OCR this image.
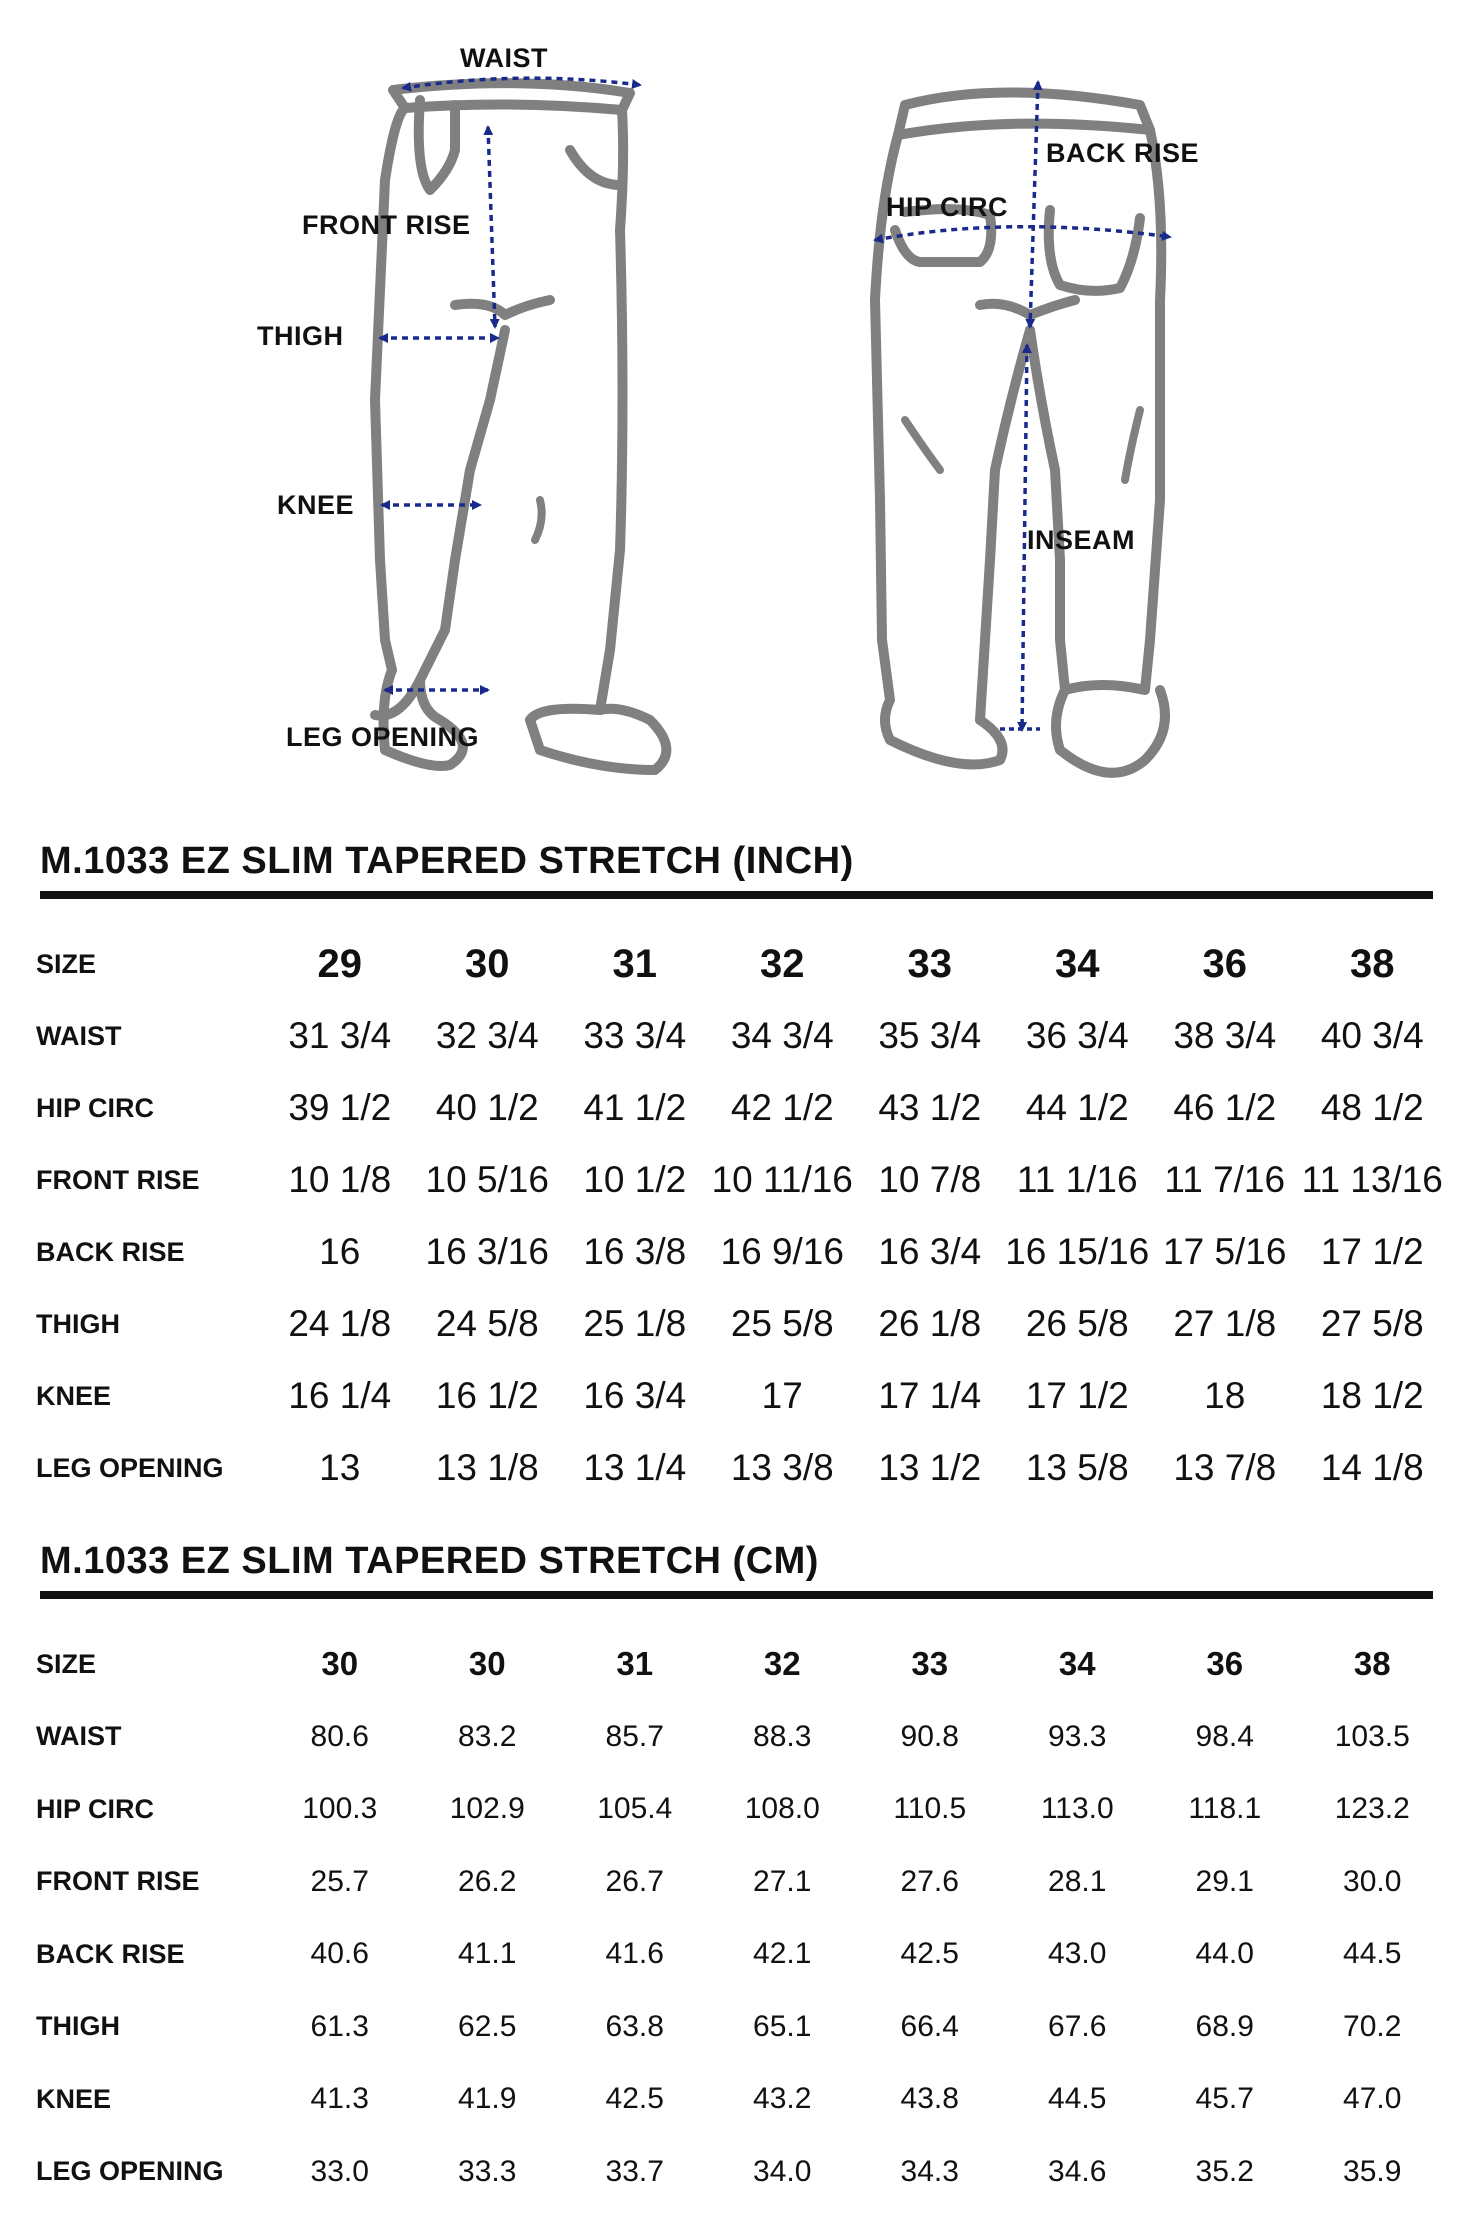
WAIST
FRONT RISE
THIGH
KNEE
LEG OPENING
BACK RISE
HIP CIRC
INSEAM
M.1033 EZ SLIM TAPERED STRETCH (INCH)
SIZE	29	30	31	32	33	34	36	38
WAIST	31 3/4	32 3/4	33 3/4	34 3/4	35 3/4	36 3/4	38 3/4	40 3/4
HIP CIRC	39 1/2	40 1/2	41 1/2	42 1/2	43 1/2	44 1/2	46 1/2	48 1/2
FRONT RISE	10 1/8	10 5/16	10 1/2	10 11/16	10 7/8	11 1/16	11 7/16	11 13/16
BACK RISE	16	16 3/16	16 3/8	16 9/16	16 3/4	16 15/16	17 5/16	17 1/2
THIGH	24 1/8	24 5/8	25 1/8	25 5/8	26 1/8	26 5/8	27 1/8	27 5/8
KNEE	16 1/4	16 1/2	16 3/4	17	17 1/4	17 1/2	18	18 1/2
LEG OPENING	13	13 1/8	13 1/4	13 3/8	13 1/2	13 5/8	13 7/8	14 1/8
M.1033 EZ SLIM TAPERED STRETCH (CM)
SIZE	30	30	31	32	33	34	36	38
WAIST	80.6	83.2	85.7	88.3	90.8	93.3	98.4	103.5
HIP CIRC	100.3	102.9	105.4	108.0	110.5	113.0	118.1	123.2
FRONT RISE	25.7	26.2	26.7	27.1	27.6	28.1	29.1	30.0
BACK RISE	40.6	41.1	41.6	42.1	42.5	43.0	44.0	44.5
THIGH	61.3	62.5	63.8	65.1	66.4	67.6	68.9	70.2
KNEE	41.3	41.9	42.5	43.2	43.8	44.5	45.7	47.0
LEG OPENING	33.0	33.3	33.7	34.0	34.3	34.6	35.2	35.9
